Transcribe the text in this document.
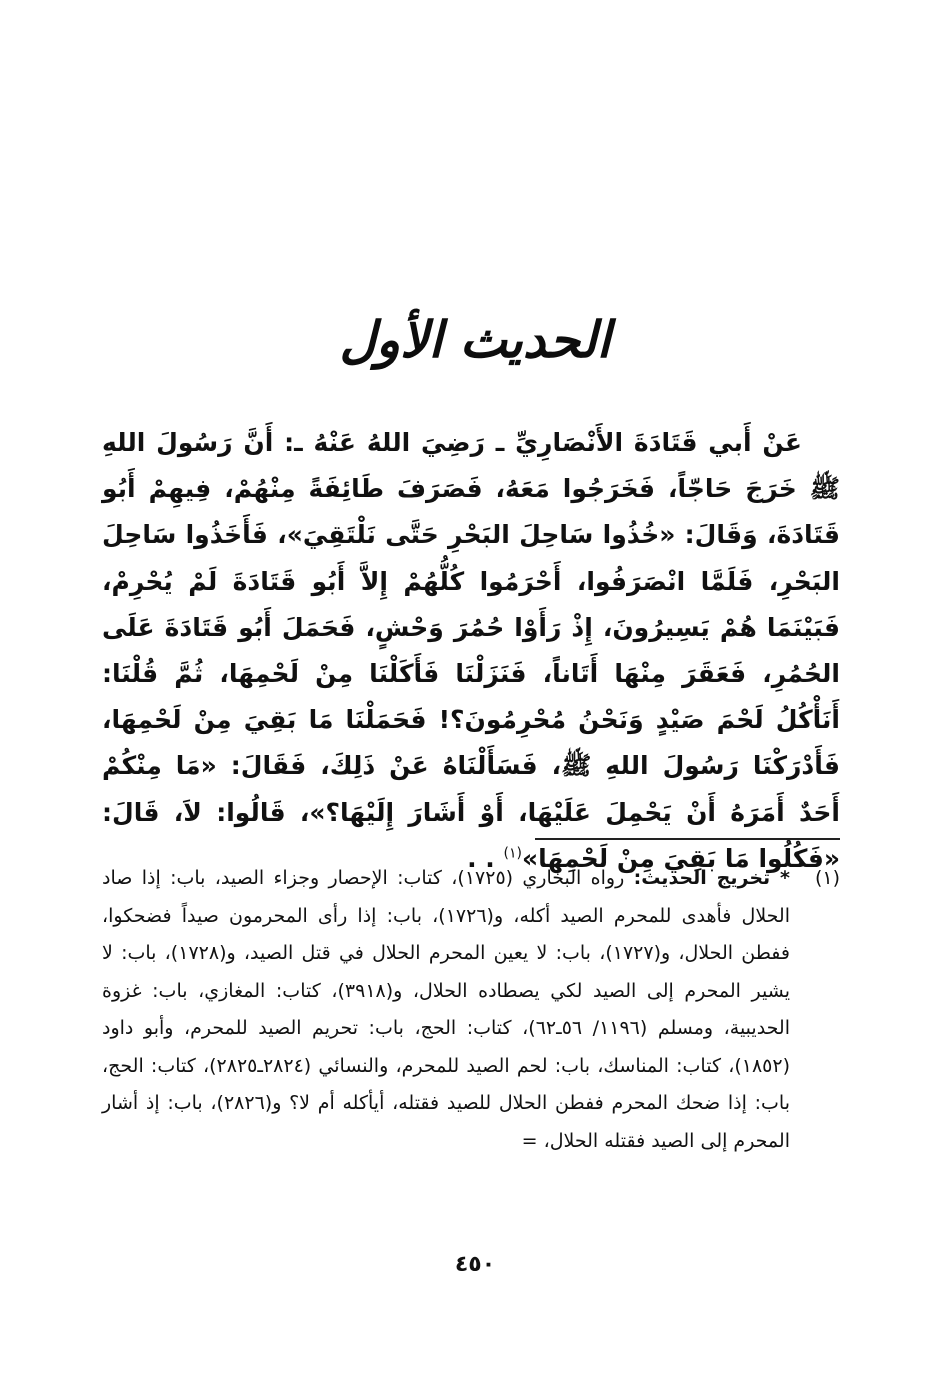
الحديث الأول

عَنْ أَبي قَتَادَةَ الأَنْصَارِيِّ ـ رَضِيَ اللهُ عَنْهُ ـ: أَنَّ رَسُولَ اللهِ ﷺ خَرَجَ حَاجّاً، فَخَرَجُوا مَعَهُ، فَصَرَفَ طَائِفَةً مِنْهُمْ، فِيهِمْ أَبُو قَتَادَةَ، وَقَالَ: «خُذُوا سَاحِلَ البَحْرِ حَتَّى نَلْتَقِيَ»، فَأَخَذُوا سَاحِلَ البَحْرِ، فَلَمَّا انْصَرَفُوا، أَحْرَمُوا كُلُّهُمْ إِلاَّ أَبُو قَتَادَةَ لَمْ يُحْرِمْ، فَبَيْنَمَا هُمْ يَسِيرُونَ، إِذْ رَأَوْا حُمُرَ وَحْشٍ، فَحَمَلَ أَبُو قَتَادَةَ عَلَى الحُمُرِ، فَعَقَرَ مِنْهَا أَتَاناً، فَنَزَلْنَا فَأَكَلْنَا مِنْ لَحْمِهَا، ثُمَّ قُلْنَا: أَنَأْكُلُ لَحْمَ صَيْدٍ وَنَحْنُ مُحْرِمُونَ؟! فَحَمَلْنَا مَا بَقِيَ مِنْ لَحْمِهَا، فَأَدْرَكْنَا رَسُولَ اللهِ ﷺ، فَسَأَلْنَاهُ عَنْ ذَلِكَ، فَقَالَ: «مَا مِنْكُمْ أَحَدٌ أَمَرَهُ أَنْ يَحْمِلَ عَلَيْهَا، أَوْ أَشَارَ إِلَيْهَا؟»، قَالُوا: لاَ، قَالَ: «فَكُلُوا مَا بَقِيَ مِنْ لَحْمِهَا»$^{(١)}$ . .

(١)
* تخريج الحديث: رواه البخاري (١٧٢٥)، كتاب: الإحصار وجزاء الصيد، باب: إذا صاد الحلال فأهدى للمحرم الصيد أكله، و(١٧٢٦)، باب: إذا رأى المحرمون صيداً فضحكوا، ففطن الحلال، و(١٧٢٧)، باب: لا يعين المحرم الحلال في قتل الصيد، و(١٧٢٨)، باب: لا يشير المحرم إلى الصيد لكي يصطاده الحلال، و(٣٩١٨)، كتاب: المغازي، باب: غزوة الحديبية، ومسلم (١١٩٦/ ٥٦ـ٦٢)، كتاب: الحج، باب: تحريم الصيد للمحرم، وأبو داود (١٨٥٢)، كتاب: المناسك، باب: لحم الصيد للمحرم، والنسائي (٢٨٢٤ـ٢٨٢٥)، كتاب: الحج، باب: إذا ضحك المحرم ففطن الحلال للصيد فقتله، أيأكله أم لا؟ و(٢٨٢٦)، باب: إذ أشار المحرم إلى الصيد فقتله الحلال، =
٤٥٠
